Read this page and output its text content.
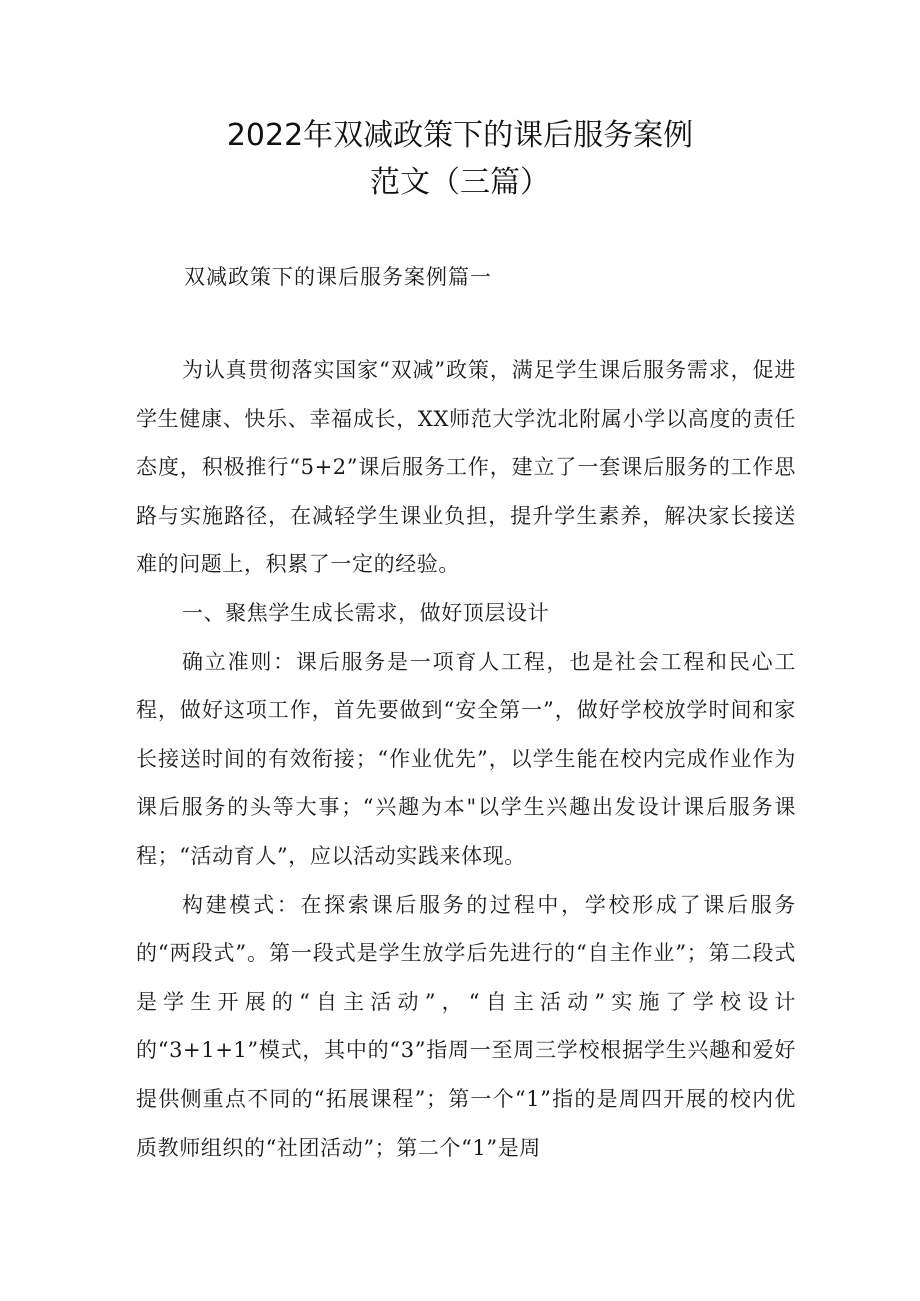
2022年双减政策下的课后服务案例
范文（三篇）
双减政策下的课后服务案例篇一

为认真贯彻落实国家“双减”政策，满足学生课后服务需求，促进学生健康、快乐、幸福成长，XX师范大学沈北附属小学以高度的责任态度，积极推行“5+2”课后服务工作，建立了一套课后服务的工作思路与实施路径，在减轻学生课业负担，提升学生素养，解决家长接送难的问题上，积累了一定的经验。

一、聚焦学生成长需求，做好顶层设计

确立准则：课后服务是一项育人工程，也是社会工程和民心工程，做好这项工作，首先要做到“安全第一”，做好学校放学时间和家长接送时间的有效衔接；“作业优先”，以学生能在校内完成作业作为课后服务的头等大事；“兴趣为本"以学生兴趣出发设计课后服务课程；“活动育人”，应以活动实践来体现。

构建模式：在探索课后服务的过程中，学校形成了课后服务的“两段式”。第一段式是学生放学后先进行的“自主作业”；第二段式是学生开展的“自主活动”，“自主活动”实施了学校设计的“3+1+1”模式，其中的“3”指周一至周三学校根据学生兴趣和爱好提供侧重点不同的“拓展课程”；第一个“1”指的是周四开展的校内优质教师组织的“社团活动”；第二个“1”是周
